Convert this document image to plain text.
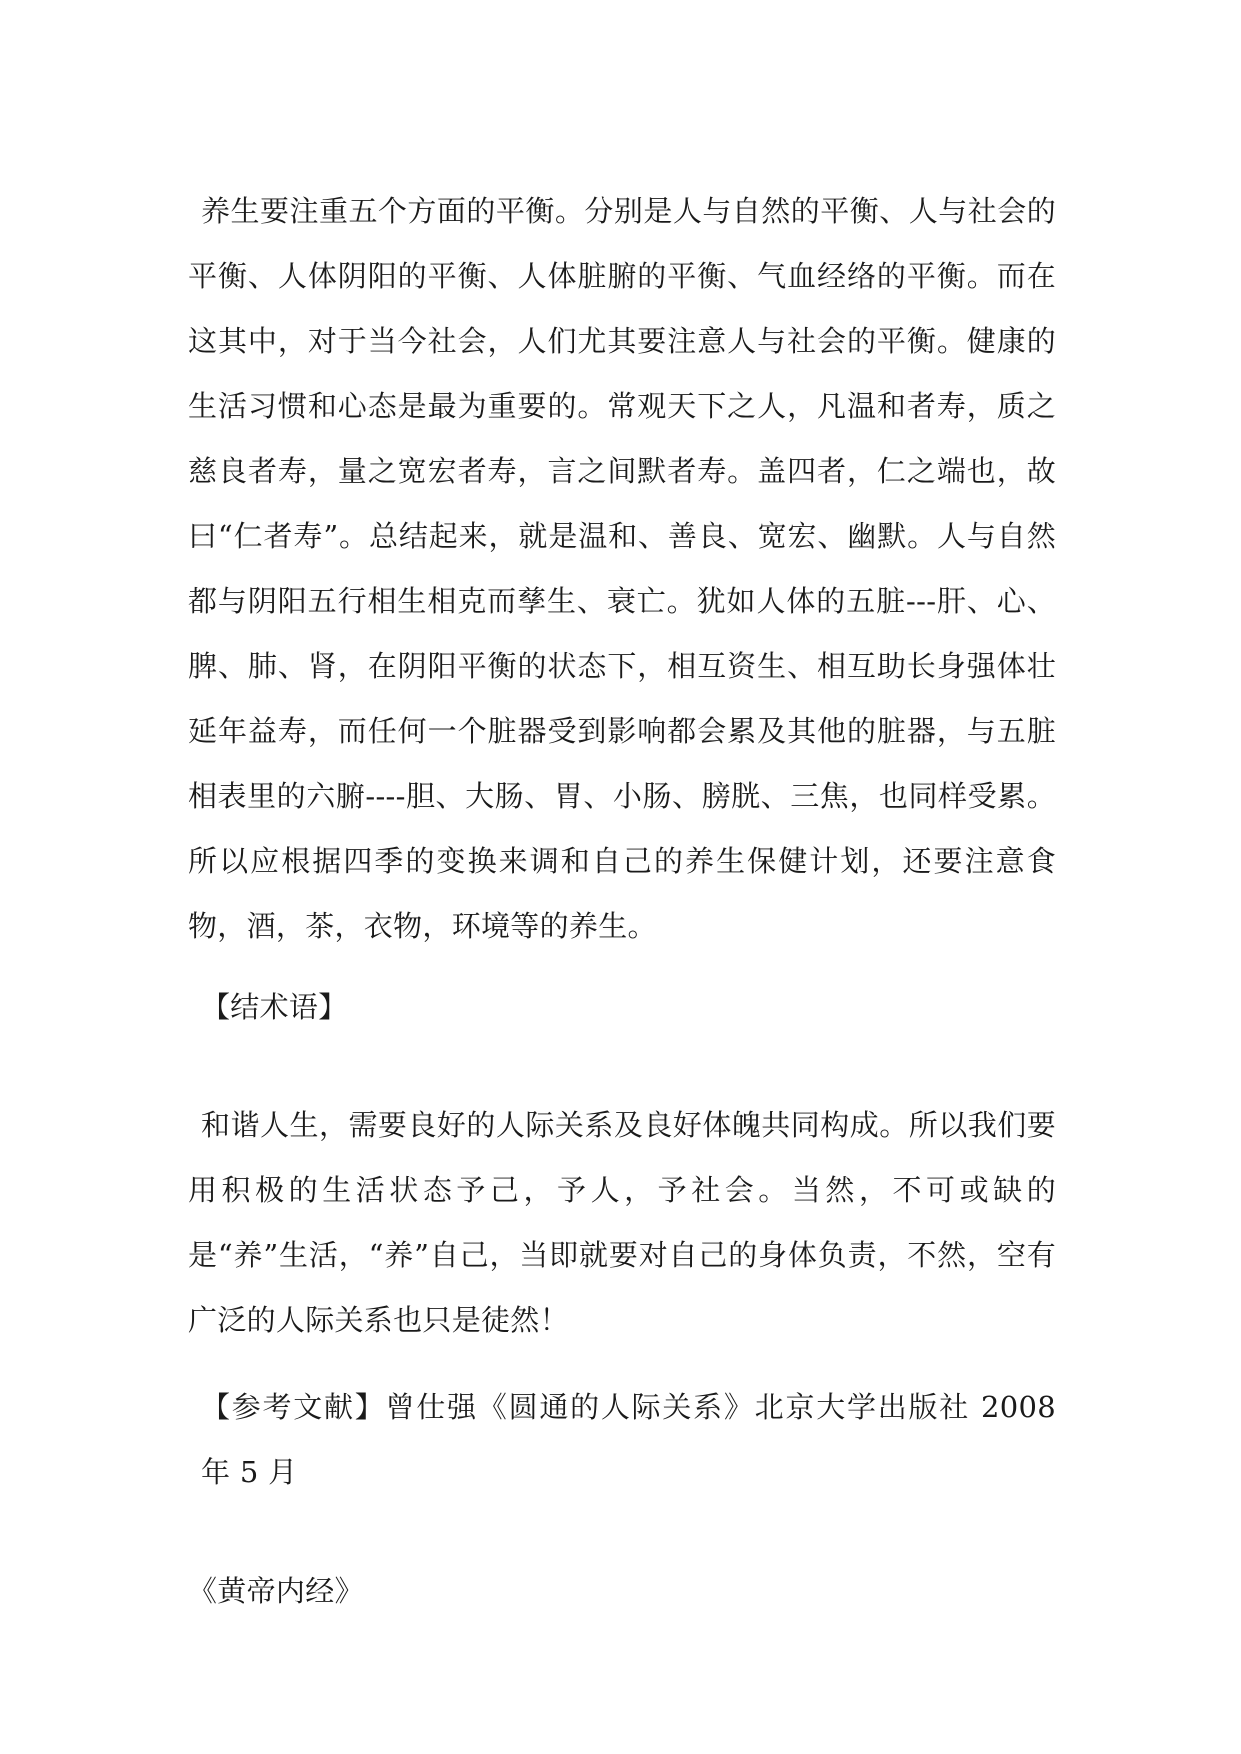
养生要注重五个方面的平衡。分别是人与自然的平衡、人与社会的平衡、人体阴阳的平衡、人体脏腑的平衡、气血经络的平衡。而在这其中，对于当今社会，人们尤其要注意人与社会的平衡。健康的生活习惯和心态是最为重要的。常观天下之人，凡温和者寿，质之慈良者寿，量之宽宏者寿，言之间默者寿。盖四者，仁之端也，故曰“仁者寿”。总结起来，就是温和、善良、宽宏、幽默。人与自然都与阴阳五行相生相克而孳生、衰亡。犹如人体的五脏---肝、心、脾、肺、肾，在阴阳平衡的状态下，相互资生、相互助长身强体壮延年益寿，而任何一个脏器受到影响都会累及其他的脏器，与五脏相表里的六腑----胆、大肠、胃、小肠、膀胱、三焦，也同样受累。所以应根据四季的变换来调和自己的养生保健计划，还要注意食物，酒，茶，衣物，环境等的养生。

【结术语】

和谐人生，需要良好的人际关系及良好体魄共同构成。所以我们要用积极的生活状态予己，予人，予社会。当然，不可或缺的是“养”生活，“养”自己，当即就要对自己的身体负责，不然，空有广泛的人际关系也只是徒然！

【参考文献】曾仕强《圆通的人际关系》北京大学出版社 2008 年 5 月

《黄帝内经》
